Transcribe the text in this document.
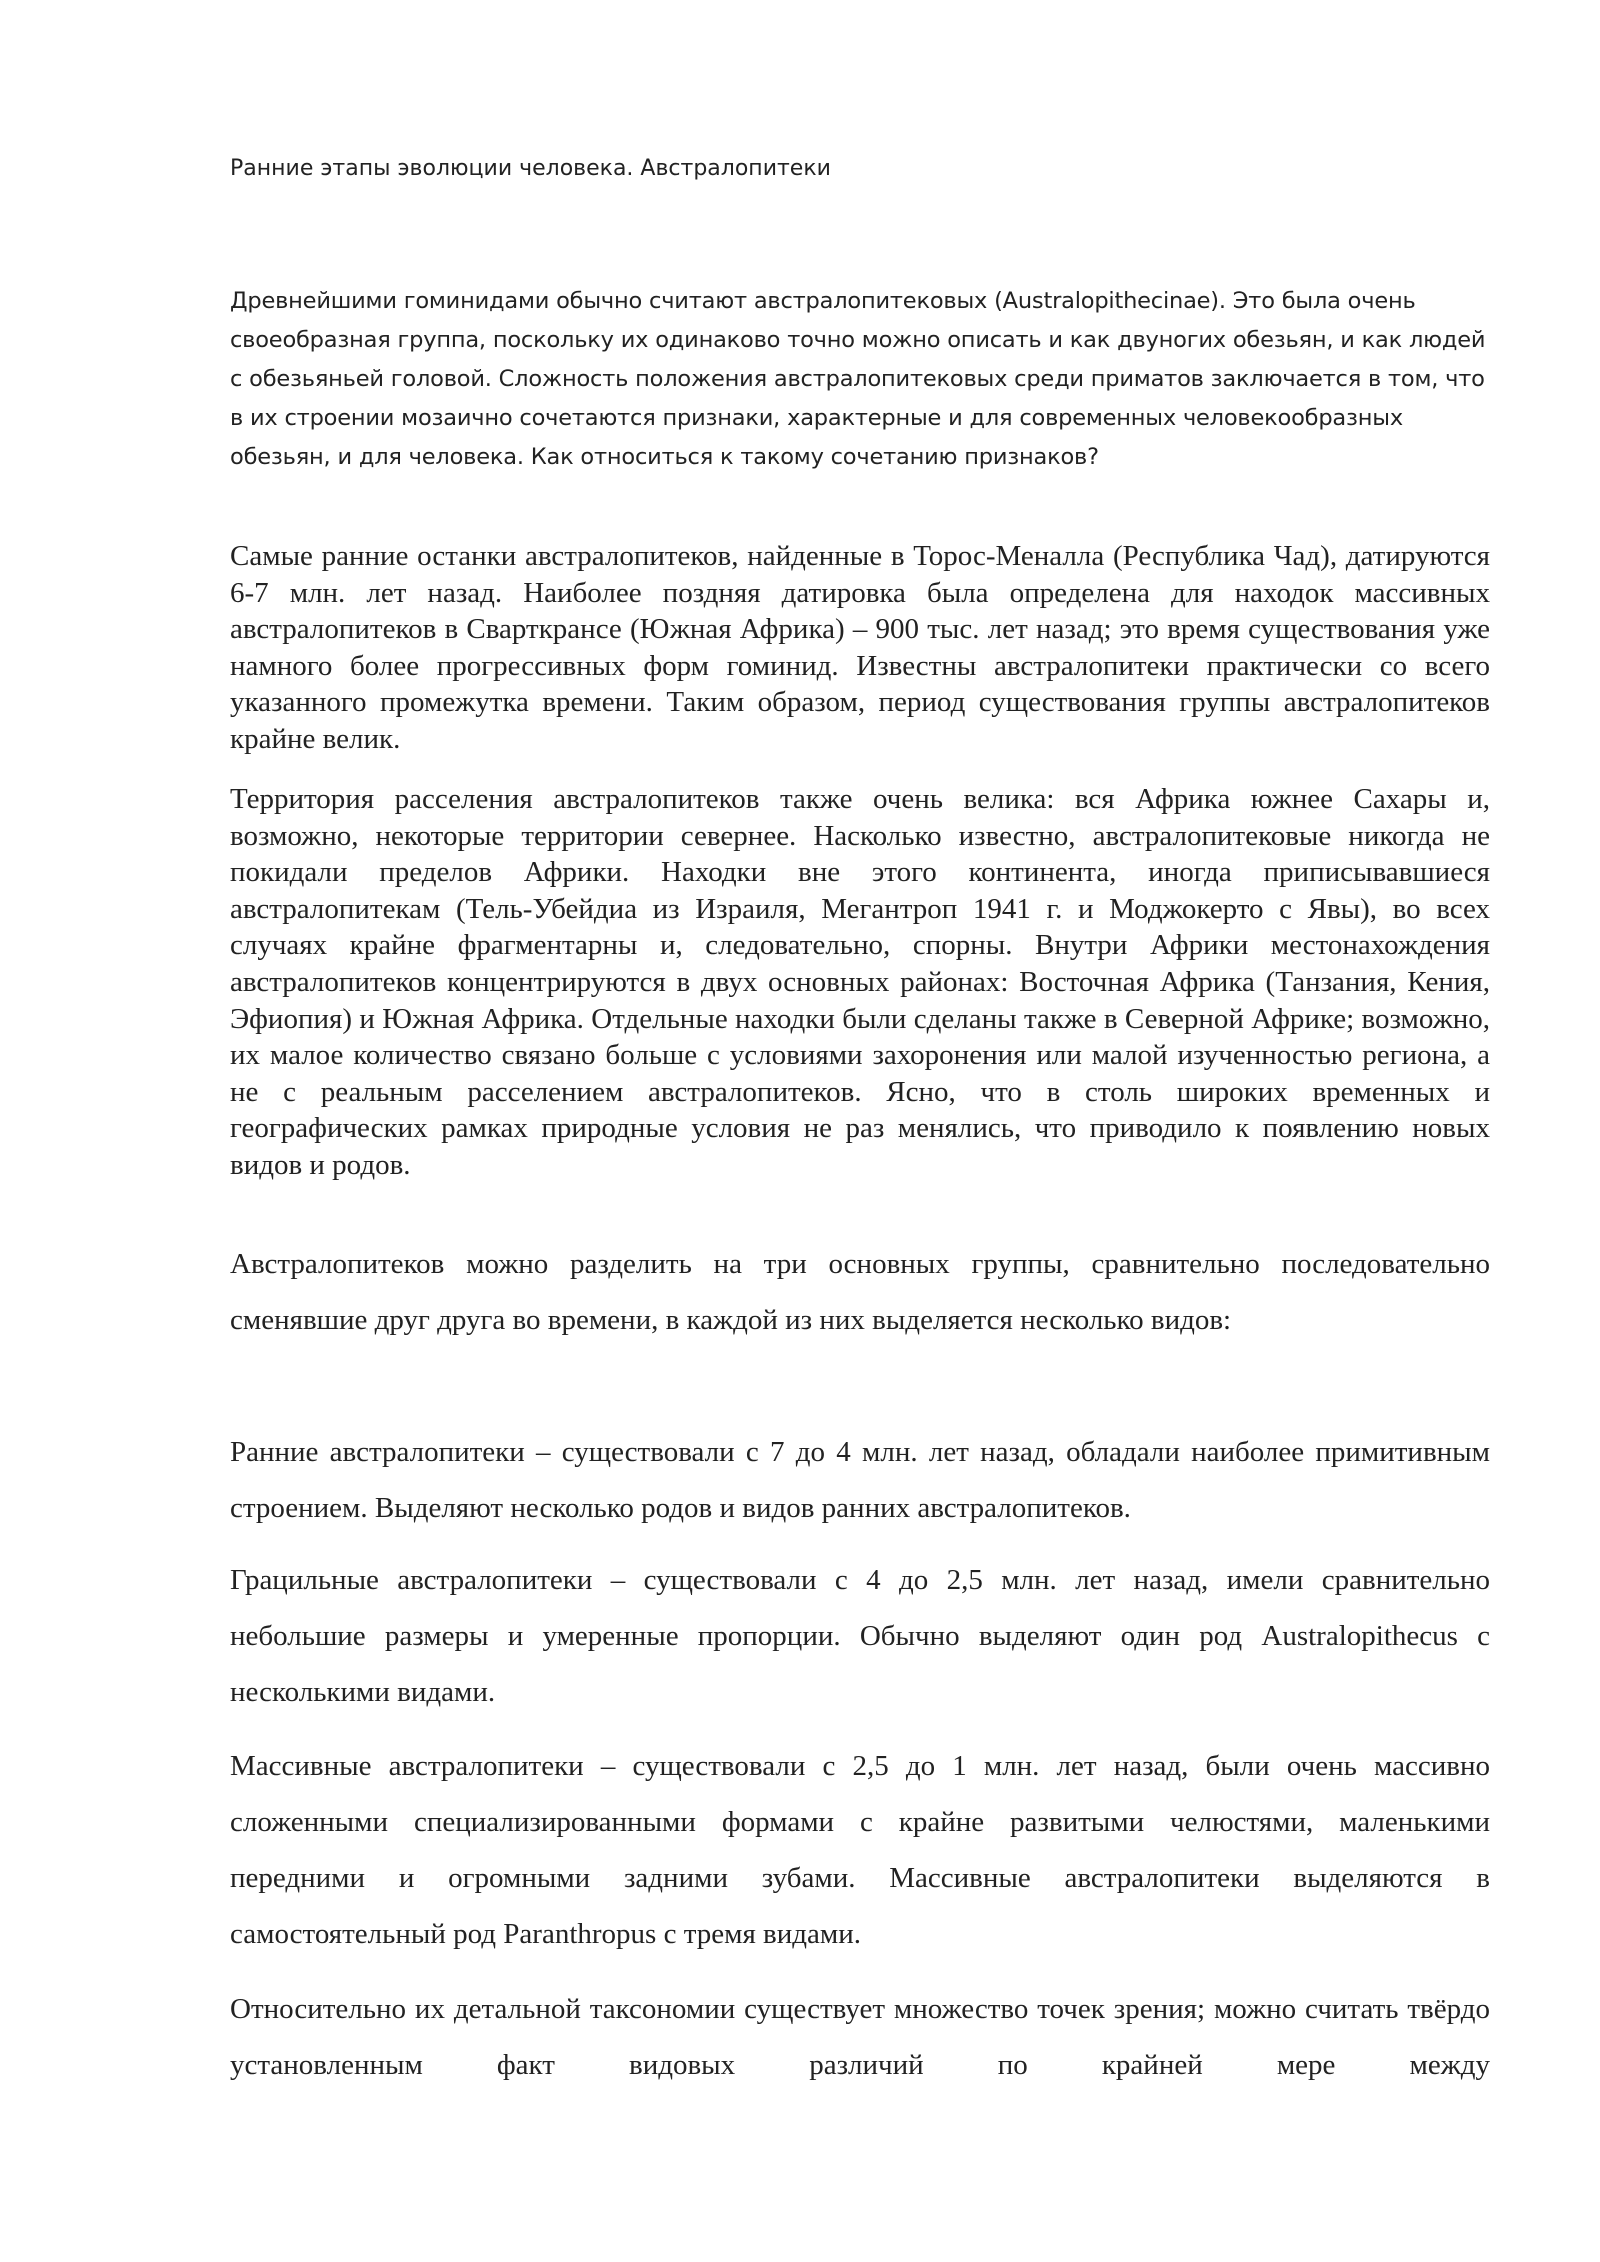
Ранние этапы эволюции человека. Австралопитеки

Древнейшими гоминидами обычно считают австралопитековых (Australopithecinae). Это была очень своеобразная группа, поскольку их одинаково точно можно описать и как двуногих обезьян, и как людей с обезьяньей головой. Сложность положения австралопитековых среди приматов заключается в том, что в их строении мозаично сочетаются признаки, характерные и для современных человекообразных обезьян, и для человека. Как относиться к такому сочетанию признаков?

Самые ранние останки австралопитеков, найденные в Торос-Меналла (Республика Чад), датируются 6-7 млн. лет назад. Наиболее поздняя датировка была определена для находок массивных австралопитеков в Сварткрансе (Южная Африка) – 900 тыс. лет назад; это время существования уже намного более прогрессивных форм гоминид. Известны австралопитеки практически со всего указанного промежутка времени. Таким образом, период существования группы австралопитеков крайне велик.

Территория расселения австралопитеков также очень велика: вся Африка южнее Сахары и, возможно, некоторые территории севернее. Насколько известно, австралопитековые никогда не покидали пределов Африки. Находки вне этого континента, иногда приписывавшиеся австралопитекам (Тель-Убейдиа из Израиля, Мегантроп 1941 г. и Моджокерто с Явы), во всех случаях крайне фрагментарны и, следовательно, спорны. Внутри Африки местонахождения австралопитеков концентрируются в двух основных районах: Восточная Африка (Танзания, Кения, Эфиопия) и Южная Африка. Отдельные находки были сделаны также в Северной Африке; возможно, их малое количество связано больше с условиями захоронения или малой изученностью региона, а не с реальным расселением австралопитеков. Ясно, что в столь широких временных и географических рамках природные условия не раз менялись, что приводило к появлению новых видов и родов.

Австралопитеков можно разделить на три основных группы, сравнительно последовательно сменявшие друг друга во времени, в каждой из них выделяется несколько видов:

Ранние австралопитеки – существовали с 7 до 4 млн. лет назад, обладали наиболее примитивным строением. Выделяют несколько родов и видов ранних австралопитеков.

Грацильные австралопитеки – существовали с 4 до 2,5 млн. лет назад, имели сравнительно небольшие размеры и умеренные пропорции. Обычно выделяют один род Australopithecus с несколькими видами.

Массивные австралопитеки – существовали с 2,5 до 1 млн. лет назад, были очень массивно сложенными специализированными формами с крайне развитыми челюстями, маленькими передними и огромными задними зубами. Массивные австралопитеки выделяются в самостоятельный род Paranthropus с тремя видами.

Относительно их детальной таксономии существует множество точек зрения; можно считать твёрдо установленным факт видовых различий по крайней мере между
